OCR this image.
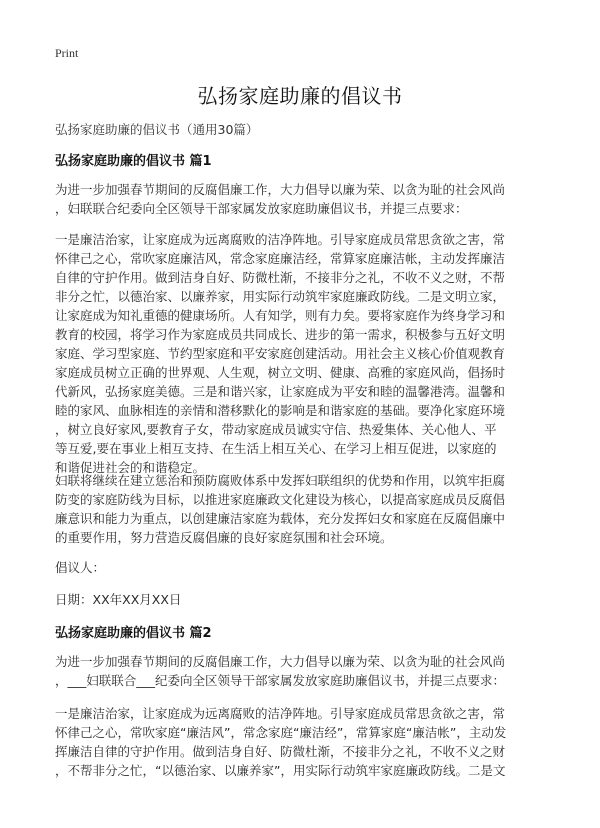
Print
弘扬家庭助廉的倡议书
弘扬家庭助廉的倡议书（通用30篇）
弘扬家庭助廉的倡议书 篇1
为进一步加强春节期间的反腐倡廉工作，大力倡导以廉为荣、以贪为耻的社会风尚
，妇联联合纪委向全区领导干部家属发放家庭助廉倡议书，并提三点要求：
一是廉洁治家，让家庭成为远离腐败的洁净阵地。引导家庭成员常思贪欲之害，常
怀律己之心，常吹家庭廉洁风，常念家庭廉洁经，常算家庭廉洁帐，主动发挥廉洁
自律的守护作用。做到洁身自好、防微杜渐，不接非分之礼，不收不义之财，不帮
非分之忙，以德治家、以廉养家，用实际行动筑牢家庭廉政防线。二是文明立家，
让家庭成为知礼重德的健康场所。人有知学，则有力矣。要将家庭作为终身学习和
教育的校园，将学习作为家庭成员共同成长、进步的第一需求，积极参与五好文明
家庭、学习型家庭、节约型家庭和平安家庭创建活动。用社会主义核心价值观教育
家庭成员树立正确的世界观、人生观，树立文明、健康、高雅的家庭风尚，倡扬时
代新风，弘扬家庭美德。三是和谐兴家，让家庭成为平安和睦的温馨港湾。温馨和
睦的家风、血脉相连的亲情和潜移默化的影响是和谐家庭的基础。要净化家庭环境
，树立良好家风,要教育子女，带动家庭成员诚实守信、热爱集体、关心他人、平
等互爱,要在事业上相互支持、在生活上相互关心、在学习上相互促进，以家庭的
和谐促进社会的和谐稳定。
妇联将继续在建立惩治和预防腐败体系中发挥妇联组织的优势和作用，以筑牢拒腐
防变的家庭防线为目标，以推进家庭廉政文化建设为核心，以提高家庭成员反腐倡
廉意识和能力为重点，以创建廉洁家庭为载体，充分发挥妇女和家庭在反腐倡廉中
的重要作用，努力营造反腐倡廉的良好家庭氛围和社会环境。
倡议人：
日期：XX年XX月XX日
弘扬家庭助廉的倡议书 篇2
为进一步加强春节期间的反腐倡廉工作，大力倡导以廉为荣、以贪为耻的社会风尚
，___妇联联合___纪委向全区领导干部家属发放家庭助廉倡议书，并提三点要求：
一是廉洁治家，让家庭成为远离腐败的洁净阵地。引导家庭成员常思贪欲之害，常
怀律己之心，常吹家庭“廉洁风”，常念家庭“廉洁经”，常算家庭“廉洁帐”，主动发
挥廉洁自律的守护作用。做到洁身自好、防微杜渐，不接非分之礼，不收不义之财
，不帮非分之忙，“以德治家、以廉养家”，用实际行动筑牢家庭廉政防线。二是文
